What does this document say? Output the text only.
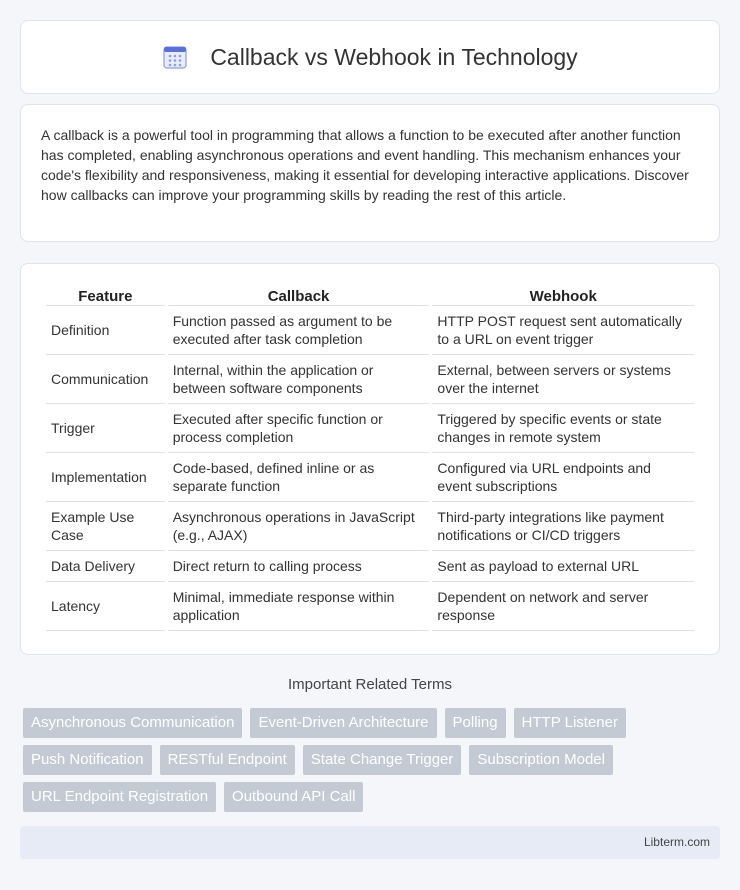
Callback vs Webhook in Technology

A callback is a powerful tool in programming that allows a function to be executed after another function has completed, enabling asynchronous operations and event handling. This mechanism enhances your code's flexibility and responsiveness, making it essential for developing interactive applications. Discover how callbacks can improve your programming skills by reading the rest of this article.

Feature	Callback	Webhook
Definition	Function passed as argument to be executed after task completion	HTTP POST request sent automatically to a URL on event trigger
Communication	Internal, within the application or between software components	External, between servers or systems over the internet
Trigger	Executed after specific function or process completion	Triggered by specific events or state changes in remote system
Implementation	Code-based, defined inline or as separate function	Configured via URL endpoints and event subscriptions
Example Use Case	Asynchronous operations in JavaScript (e.g., AJAX)	Third-party integrations like payment notifications or CI/CD triggers
Data Delivery	Direct return to calling process	Sent as payload to external URL
Latency	Minimal, immediate response within application	Dependent on network and server response
Important Related Terms
Asynchronous Communication	Event-Driven Architecture	Polling	HTTP Listener
Push Notification	RESTful Endpoint	State Change Trigger	Subscription Model
URL Endpoint Registration	Outbound API Call
Libterm.com
